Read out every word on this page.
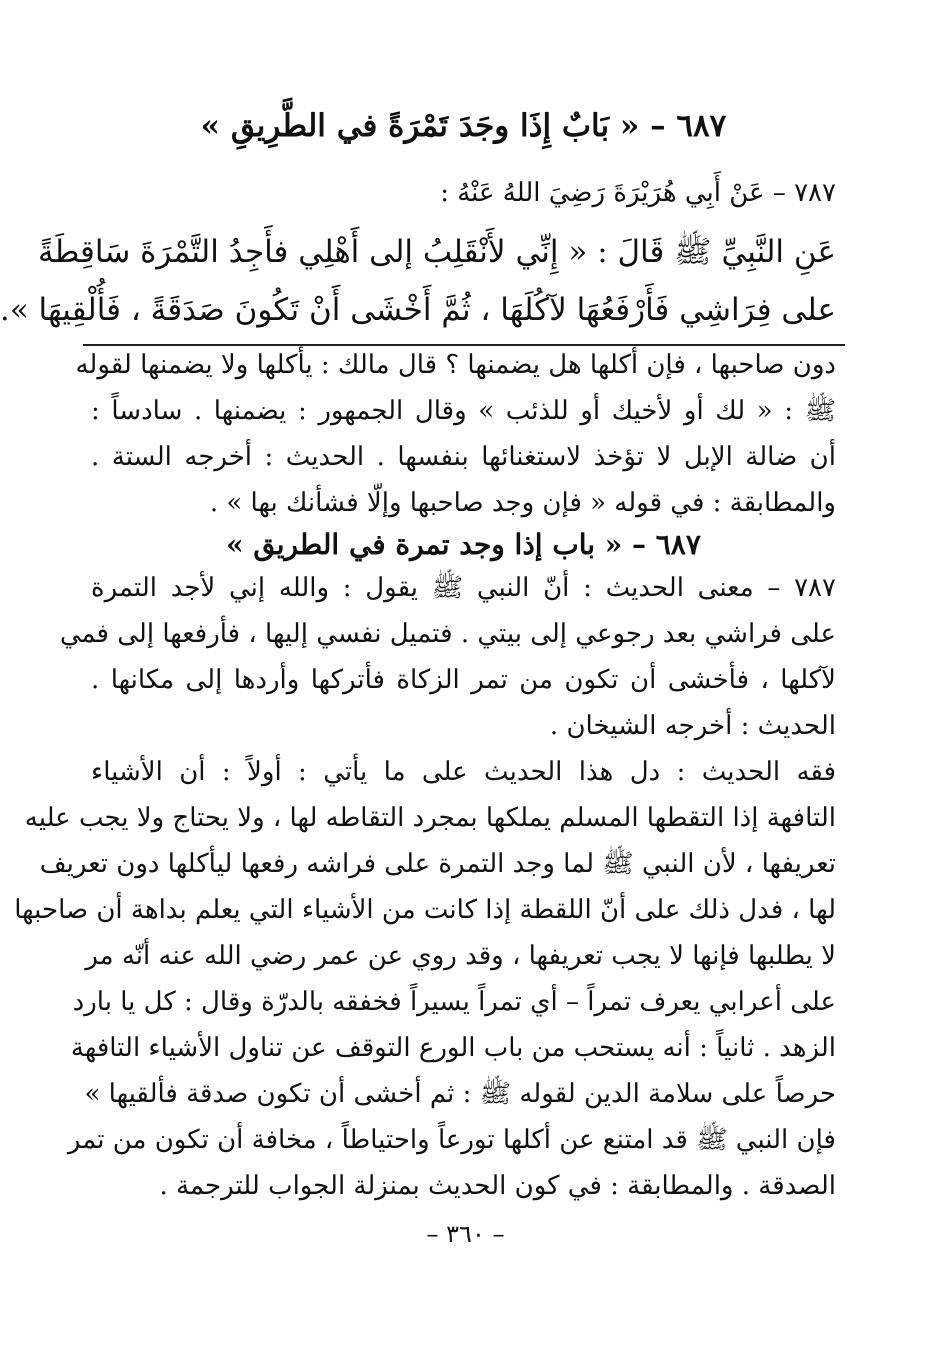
٦٨٧ – « بَابٌ إِذَا وجَدَ تَمْرَةً في الطَّرِيقِ »
٧٨٧ – عَنْ أَبِي هُرَيْرَةَ رَضِيَ اللهُ عَنْهُ :
عَنِ النَّبِيِّ ﷺ قَالَ : « إِنِّي لأَنْقَلِبُ إلى أَهْلِي فأَجِدُ التَّمْرَةَ سَاقِطَةً
على فِرَاشِي فَأَرْفَعُهَا لآكُلَهَا ، ثُمَّ أَخْشَى أَنْ تَكُونَ صَدَقَةً ، فَأُلْقِيهَا ».
دون صاحبها ، فإن أكلها هل يضمنها ؟ قال مالك : يأكلها ولا يضمنها لقوله
ﷺ : « لك أو لأخيك أو للذئب » وقال الجمهور : يضمنها . سادساً :
أن ضالة الإبل لا تؤخذ لاستغنائها بنفسها . الحديث : أخرجه الستة .
والمطابقة : في قوله « فإن وجد صاحبها وإلّا فشأنك بها » .
٦٨٧ – « باب إذا وجد تمرة في الطريق »
٧٨٧ – معنى الحديث : أنّ النبي ﷺ يقول : والله إني لأجد التمرة
على فراشي بعد رجوعي إلى بيتي . فتميل نفسي إليها ، فأرفعها إلى فمي
لآكلها ، فأخشى أن تكون من تمر الزكاة فأتركها وأردها إلى مكانها .
الحديث : أخرجه الشيخان .
فقه الحديث : دل هذا الحديث على ما يأتي : أولاً : أن الأشياء
التافهة إذا التقطها المسلم يملكها بمجرد التقاطه لها ، ولا يحتاج ولا يجب عليه
تعريفها ، لأن النبي ﷺ لما وجد التمرة على فراشه رفعها ليأكلها دون تعريف
لها ، فدل ذلك على أنّ اللقطة إذا كانت من الأشياء التي يعلم بداهة أن صاحبها
لا يطلبها فإنها لا يجب تعريفها ، وقد روي عن عمر رضي الله عنه أنّه مر
على أعرابي يعرف تمراً – أي تمراً يسيراً فخفقه بالدرّة وقال : كل يا بارد
الزهد . ثانياً : أنه يستحب من باب الورع التوقف عن تناول الأشياء التافهة
حرصاً على سلامة الدين لقوله ﷺ : ثم أخشى أن تكون صدقة فألقيها »
فإن النبي ﷺ قد امتنع عن أكلها تورعاً واحتياطاً ، مخافة أن تكون من تمر
الصدقة . والمطابقة : في كون الحديث بمنزلة الجواب للترجمة .
– ٣٦٠ –
